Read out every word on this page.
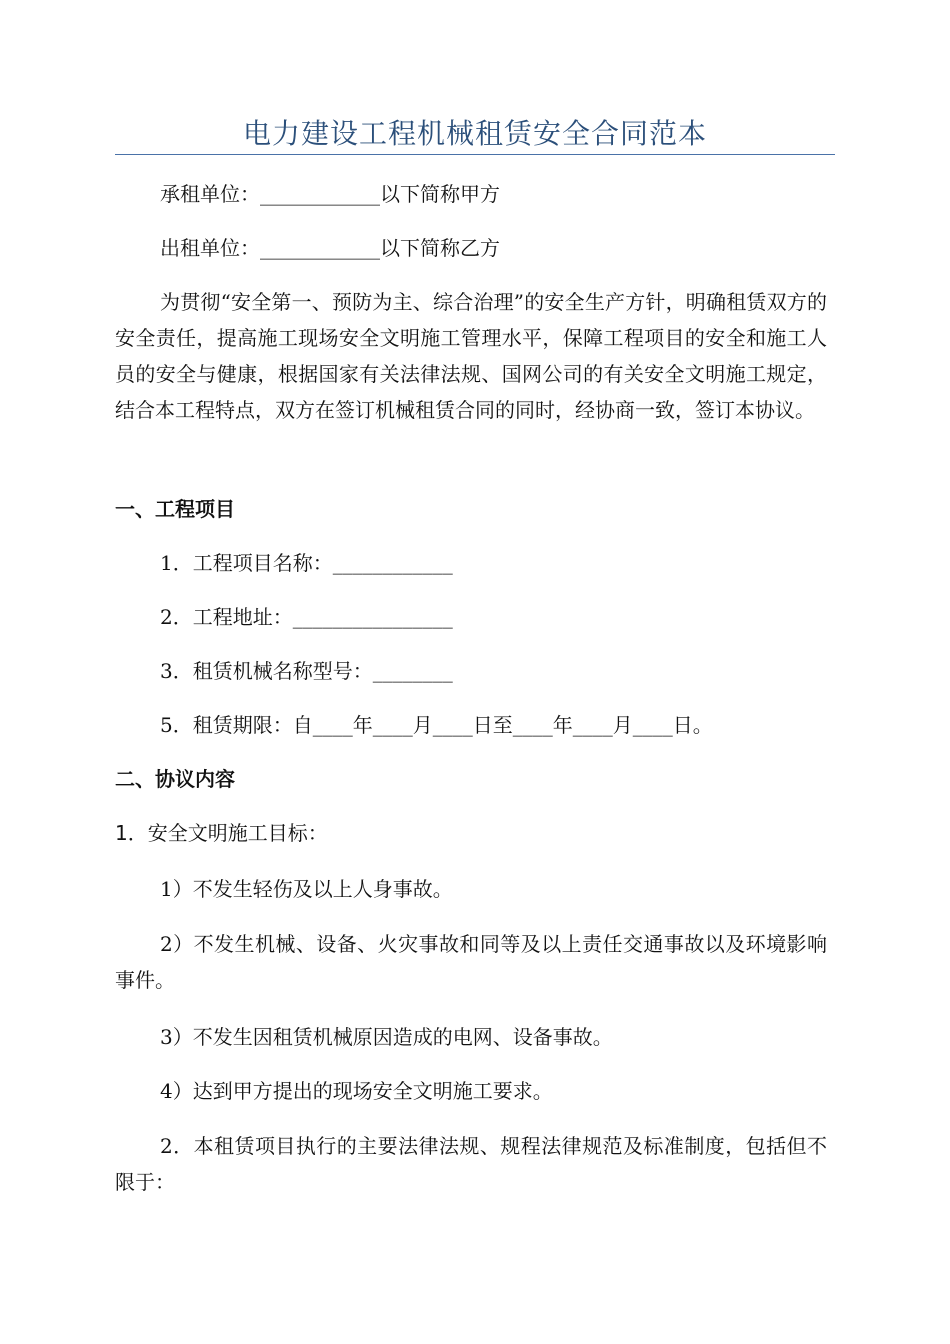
电力建设工程机械租赁安全合同范本
承租单位：____________以下简称甲方
出租单位：____________以下简称乙方
为贯彻“安全第一、预防为主、综合治理”的安全生产方针，明确租赁双方的安全责任，提高施工现场安全文明施工管理水平，保障工程项目的安全和施工人员的安全与健康，根据国家有关法律法规、国网公司的有关安全文明施工规定，结合本工程特点，双方在签订机械租赁合同的同时，经协商一致，签订本协议。
一、工程项目
1．工程项目名称：____________
2．工程地址：________________
3．租赁机械名称型号：________
5．租赁期限：自____年____月____日至____年____月____日。
二、协议内容
1．安全文明施工目标：
1）不发生轻伤及以上人身事故。
2）不发生机械、设备、火灾事故和同等及以上责任交通事故以及环境影响事件。
3）不发生因租赁机械原因造成的电网、设备事故。
4）达到甲方提出的现场安全文明施工要求。
2．本租赁项目执行的主要法律法规、规程法律规范及标准制度，包括但不限于：
